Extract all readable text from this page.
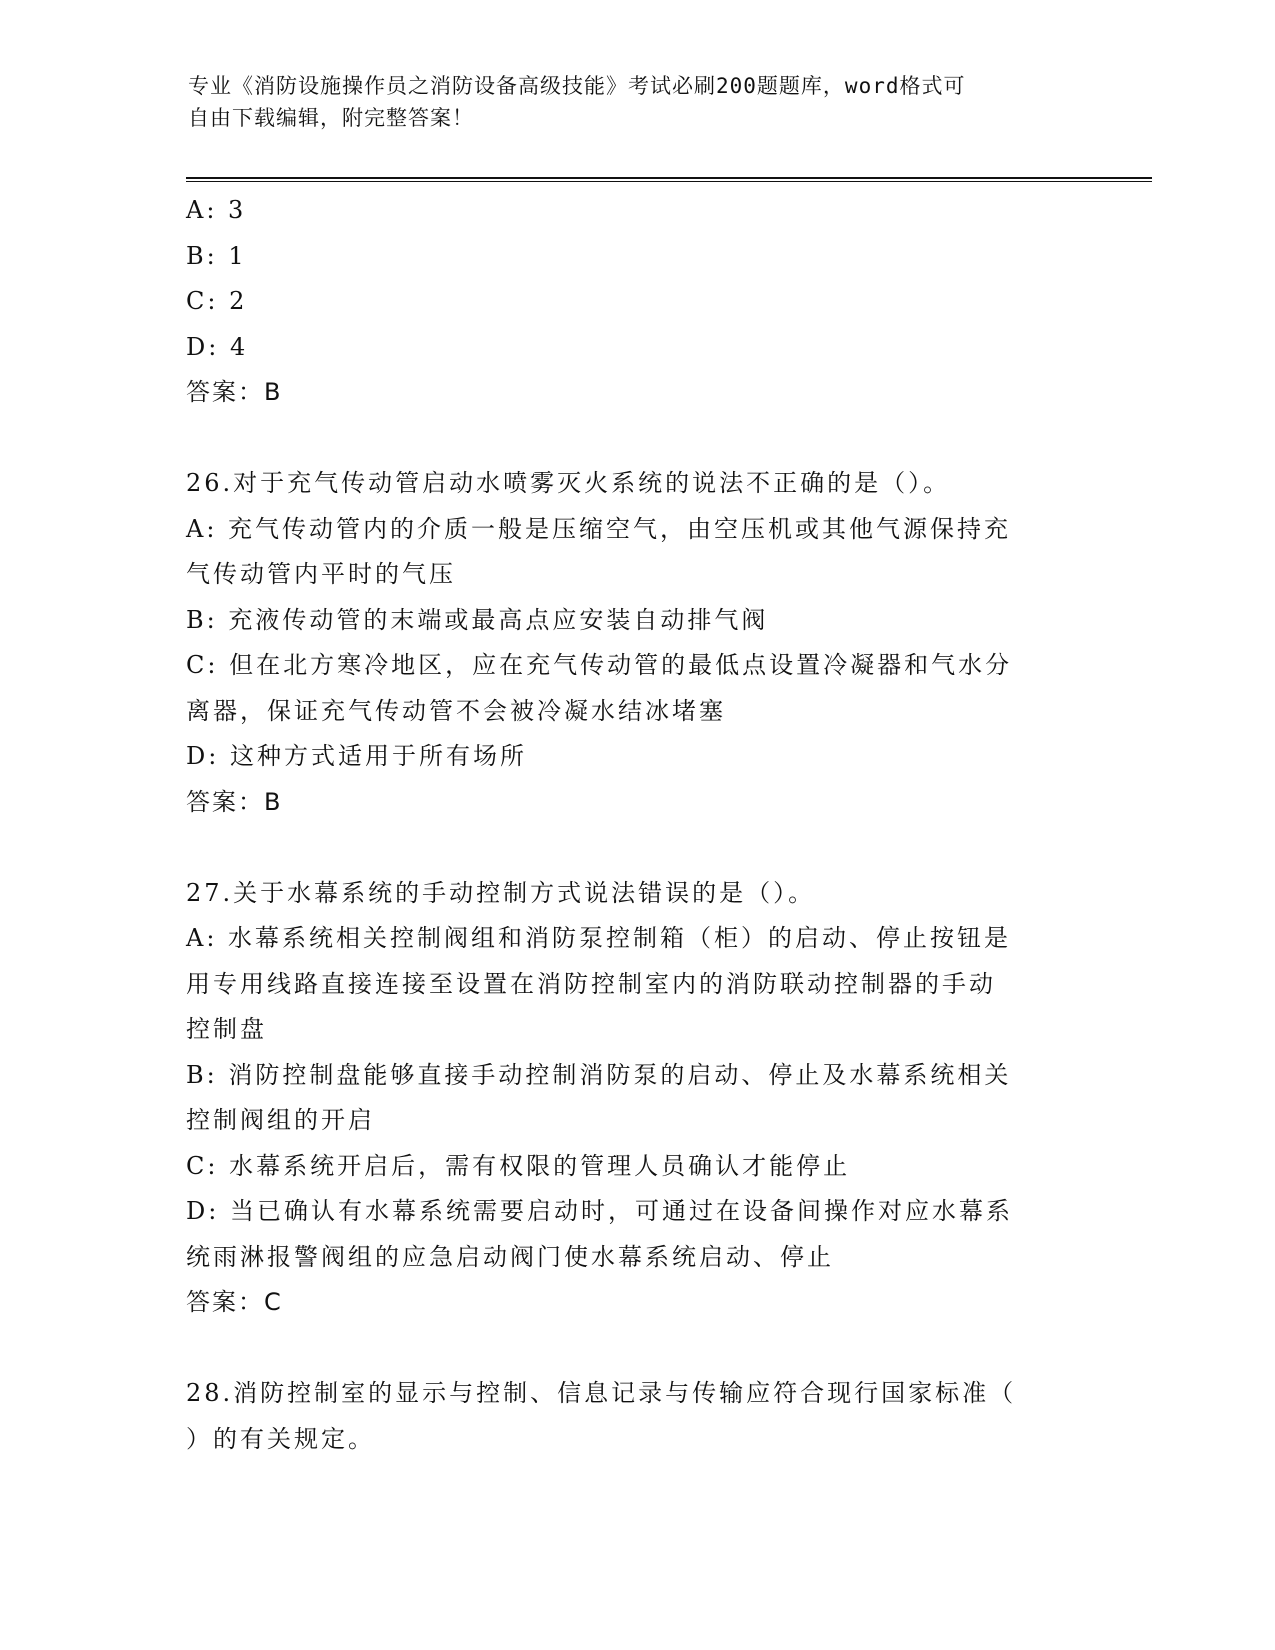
专业《消防设施操作员之消防设备高级技能》考试必刷200题题库，word格式可
自由下载编辑，附完整答案！
A: 3
B: 1
C: 2
D: 4
答案：B
26.对于充气传动管启动水喷雾灭火系统的说法不正确的是（）。
A: 充气传动管内的介质一般是压缩空气，由空压机或其他气源保持充
气传动管内平时的气压
B: 充液传动管的末端或最高点应安装自动排气阀
C: 但在北方寒冷地区，应在充气传动管的最低点设置冷凝器和气水分
离器，保证充气传动管不会被冷凝水结冰堵塞
D: 这种方式适用于所有场所
答案：B
27.关于水幕系统的手动控制方式说法错误的是（）。
A: 水幕系统相关控制阀组和消防泵控制箱（柜）的启动、停止按钮是
用专用线路直接连接至设置在消防控制室内的消防联动控制器的手动
控制盘
B: 消防控制盘能够直接手动控制消防泵的启动、停止及水幕系统相关
控制阀组的开启
C: 水幕系统开启后，需有权限的管理人员确认才能停止
D: 当已确认有水幕系统需要启动时，可通过在设备间操作对应水幕系
统雨淋报警阀组的应急启动阀门使水幕系统启动、停止
答案：C
28.消防控制室的显示与控制、信息记录与传输应符合现行国家标准（
）的有关规定。
